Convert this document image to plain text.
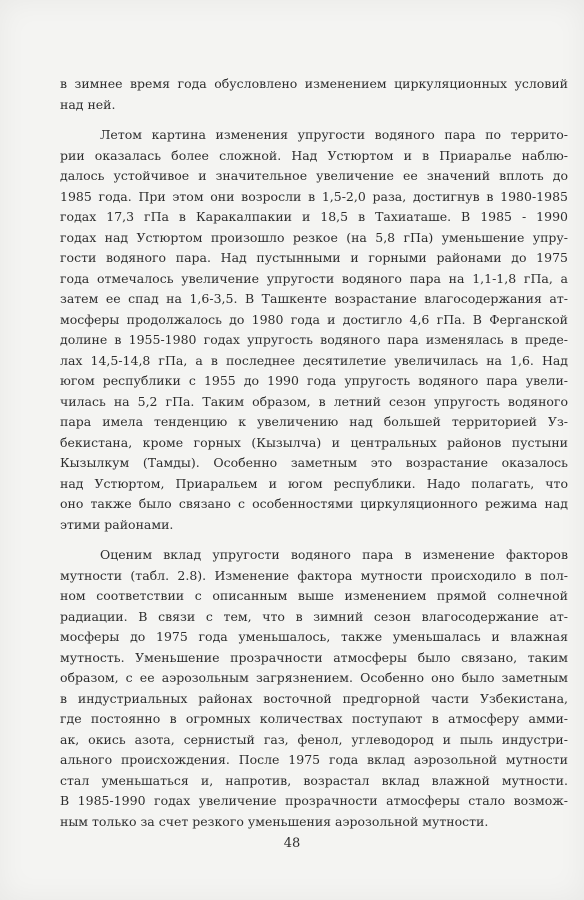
в зимнее время года обусловлено изменением циркуляционных условий
над ней.
Летом картина изменения упругости водяного пара по террито-
рии оказалась более сложной. Над Устюртом и в Приаралье наблю-
далось устойчивое и значительное увеличение ее значений вплоть до
1985 года. При этом они возросли в 1,5-2,0 раза, достигнув в 1980-1985
годах 17,3 гПа в Каракалпакии и 18,5 в Тахиаташе. В 1985 - 1990
годах над Устюртом произошло резкое (на 5,8 гПа) уменьшение упру-
гости водяного пара. Над пустынными и горными районами до 1975
года отмечалось увеличение упругости водяного пара на 1,1-1,8 гПа, а
затем ее спад на 1,6-3,5. В Ташкенте возрастание влагосодержания ат-
мосферы продолжалось до 1980 года и достигло 4,6 гПа. В Ферганской
долине в 1955-1980 годах упругость водяного пара изменялась в преде-
лах 14,5-14,8 гПа, а в последнее десятилетие увеличилась на 1,6. Над
югом республики с 1955 до 1990 года упругость водяного пара увели-
чилась на 5,2 гПа. Таким образом, в летний сезон упругость водяного
пара имела тенденцию к увеличению над большей территорией Уз-
бекистана, кроме горных (Кызылча) и центральных районов пустыни
Кызылкум (Тамды). Особенно заметным это возрастание оказалось
над Устюртом, Приаральем и югом республики. Надо полагать, что
оно также было связано с особенностями циркуляционного режима над
этими районами.
Оценим вклад упругости водяного пара в изменение факторов
мутности (табл. 2.8). Изменение фактора мутности происходило в пол-
ном соответствии с описанным выше изменением прямой солнечной
радиации. В связи с тем, что в зимний сезон влагосодержание ат-
мосферы до 1975 года уменьшалось, также уменьшалась и влажная
мутность. Уменьшение прозрачности атмосферы было связано, таким
образом, с ее аэрозольным загрязнением. Особенно оно было заметным
в индустриальных районах восточной предгорной части Узбекистана,
где постоянно в огромных количествах поступают в атмосферу амми-
ак, окись азота, сернистый газ, фенол, углеводород и пыль индустри-
ального происхождения. После 1975 года вклад аэрозольной мутности
стал уменьшаться и, напротив, возрастал вклад влажной мутности.
В 1985-1990 годах увеличение прозрачности атмосферы стало возмож-
ным только за счет резкого уменьшения аэрозольной мутности.
48
